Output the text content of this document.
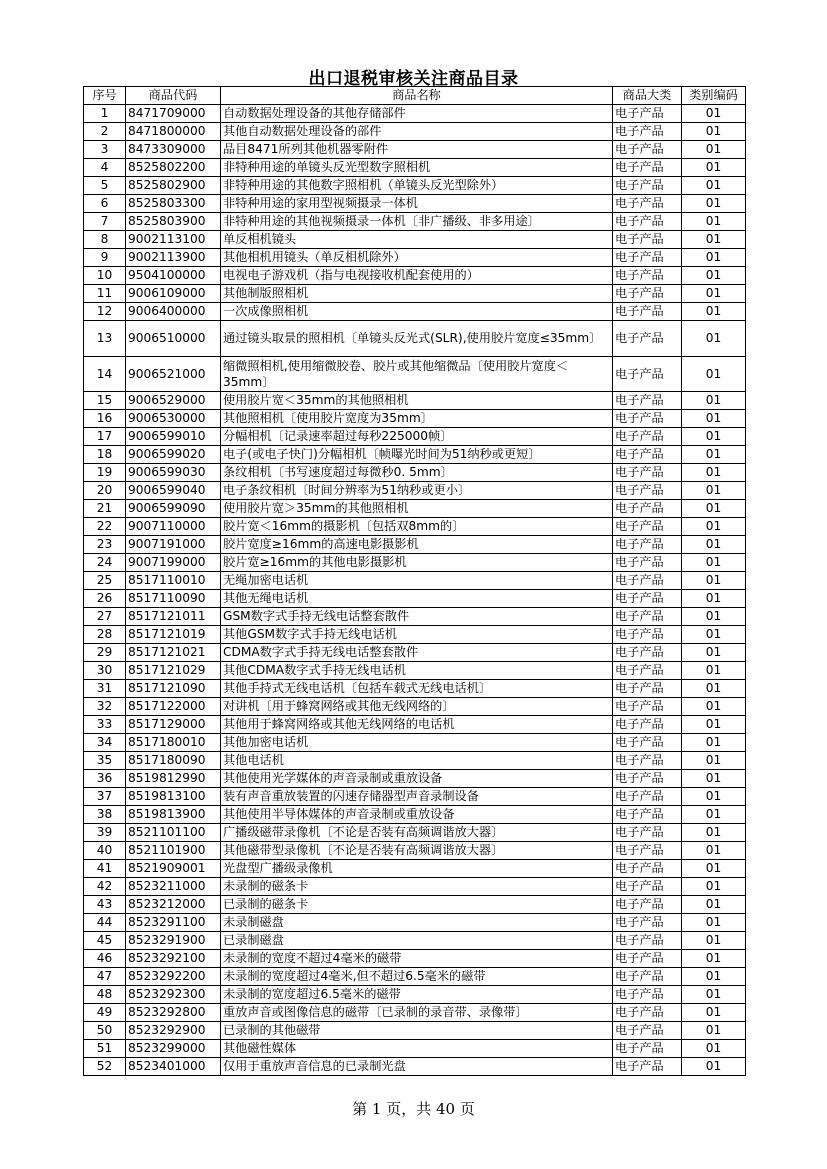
出口退税审核关注商品目录
序号	商品代码	商品名称	商品大类	类别编码
1	8471709000	自动数据处理设备的其他存储部件	电子产品	01
2	8471800000	其他自动数据处理设备的部件	电子产品	01
3	8473309000	品目8471所列其他机器零附件	电子产品	01
4	8525802200	非特种用途的单镜头反光型数字照相机	电子产品	01
5	8525802900	非特种用途的其他数字照相机（单镜头反光型除外）	电子产品	01
6	8525803300	非特种用途的家用型视频摄录一体机	电子产品	01
7	8525803900	非特种用途的其他视频摄录一体机〔非广播级、非多用途〕	电子产品	01
8	9002113100	单反相机镜头	电子产品	01
9	9002113900	其他相机用镜头（单反相机除外）	电子产品	01
10	9504100000	电视电子游戏机（指与电视接收机配套使用的）	电子产品	01
11	9006109000	其他制版照相机	电子产品	01
12	9006400000	一次成像照相机	电子产品	01
13	9006510000	通过镜头取景的照相机〔单镜头反光式(SLR),使用胶片宽度≤35mm〕	电子产品	01
14	9006521000	缩微照相机,使用缩微胶卷、胶片或其他缩微品〔使用胶片宽度＜35mm〕	电子产品	01
15	9006529000	使用胶片宽＜35mm的其他照相机	电子产品	01
16	9006530000	其他照相机〔使用胶片宽度为35mm〕	电子产品	01
17	9006599010	分幅相机〔记录速率超过每秒225000帧〕	电子产品	01
18	9006599020	电子(或电子快门)分幅相机〔帧曝光时间为51纳秒或更短〕	电子产品	01
19	9006599030	条纹相机〔书写速度超过每微秒0. 5mm〕	电子产品	01
20	9006599040	电子条纹相机〔时间分辨率为51纳秒或更小〕	电子产品	01
21	9006599090	使用胶片宽＞35mm的其他照相机	电子产品	01
22	9007110000	胶片宽＜16mm的摄影机〔包括双8mm的〕	电子产品	01
23	9007191000	胶片宽度≥16mm的高速电影摄影机	电子产品	01
24	9007199000	胶片宽≥16mm的其他电影摄影机	电子产品	01
25	8517110010	无绳加密电话机	电子产品	01
26	8517110090	其他无绳电话机	电子产品	01
27	8517121011	GSM数字式手持无线电话整套散件	电子产品	01
28	8517121019	其他GSM数字式手持无线电话机	电子产品	01
29	8517121021	CDMA数字式手持无线电话整套散件	电子产品	01
30	8517121029	其他CDMA数字式手持无线电话机	电子产品	01
31	8517121090	其他手持式无线电话机〔包括车载式无线电话机〕	电子产品	01
32	8517122000	对讲机〔用于蜂窝网络或其他无线网络的〕	电子产品	01
33	8517129000	其他用于蜂窝网络或其他无线网络的电话机	电子产品	01
34	8517180010	其他加密电话机	电子产品	01
35	8517180090	其他电话机	电子产品	01
36	8519812990	其他使用光学媒体的声音录制或重放设备	电子产品	01
37	8519813100	装有声音重放装置的闪速存储器型声音录制设备	电子产品	01
38	8519813900	其他使用半导体媒体的声音录制或重放设备	电子产品	01
39	8521101100	广播级磁带录像机〔不论是否装有高频调谐放大器〕	电子产品	01
40	8521101900	其他磁带型录像机〔不论是否装有高频调谐放大器〕	电子产品	01
41	8521909001	光盘型广播级录像机	电子产品	01
42	8523211000	未录制的磁条卡	电子产品	01
43	8523212000	已录制的磁条卡	电子产品	01
44	8523291100	未录制磁盘	电子产品	01
45	8523291900	已录制磁盘	电子产品	01
46	8523292100	未录制的宽度不超过4毫米的磁带	电子产品	01
47	8523292200	未录制的宽度超过4毫米,但不超过6.5毫米的磁带	电子产品	01
48	8523292300	未录制的宽度超过6.5毫米的磁带	电子产品	01
49	8523292800	重放声音或图像信息的磁带〔已录制的录音带、录像带〕	电子产品	01
50	8523292900	已录制的其他磁带	电子产品	01
51	8523299000	其他磁性媒体	电子产品	01
52	8523401000	仅用于重放声音信息的已录制光盘	电子产品	01
第 1 页，共 40 页
